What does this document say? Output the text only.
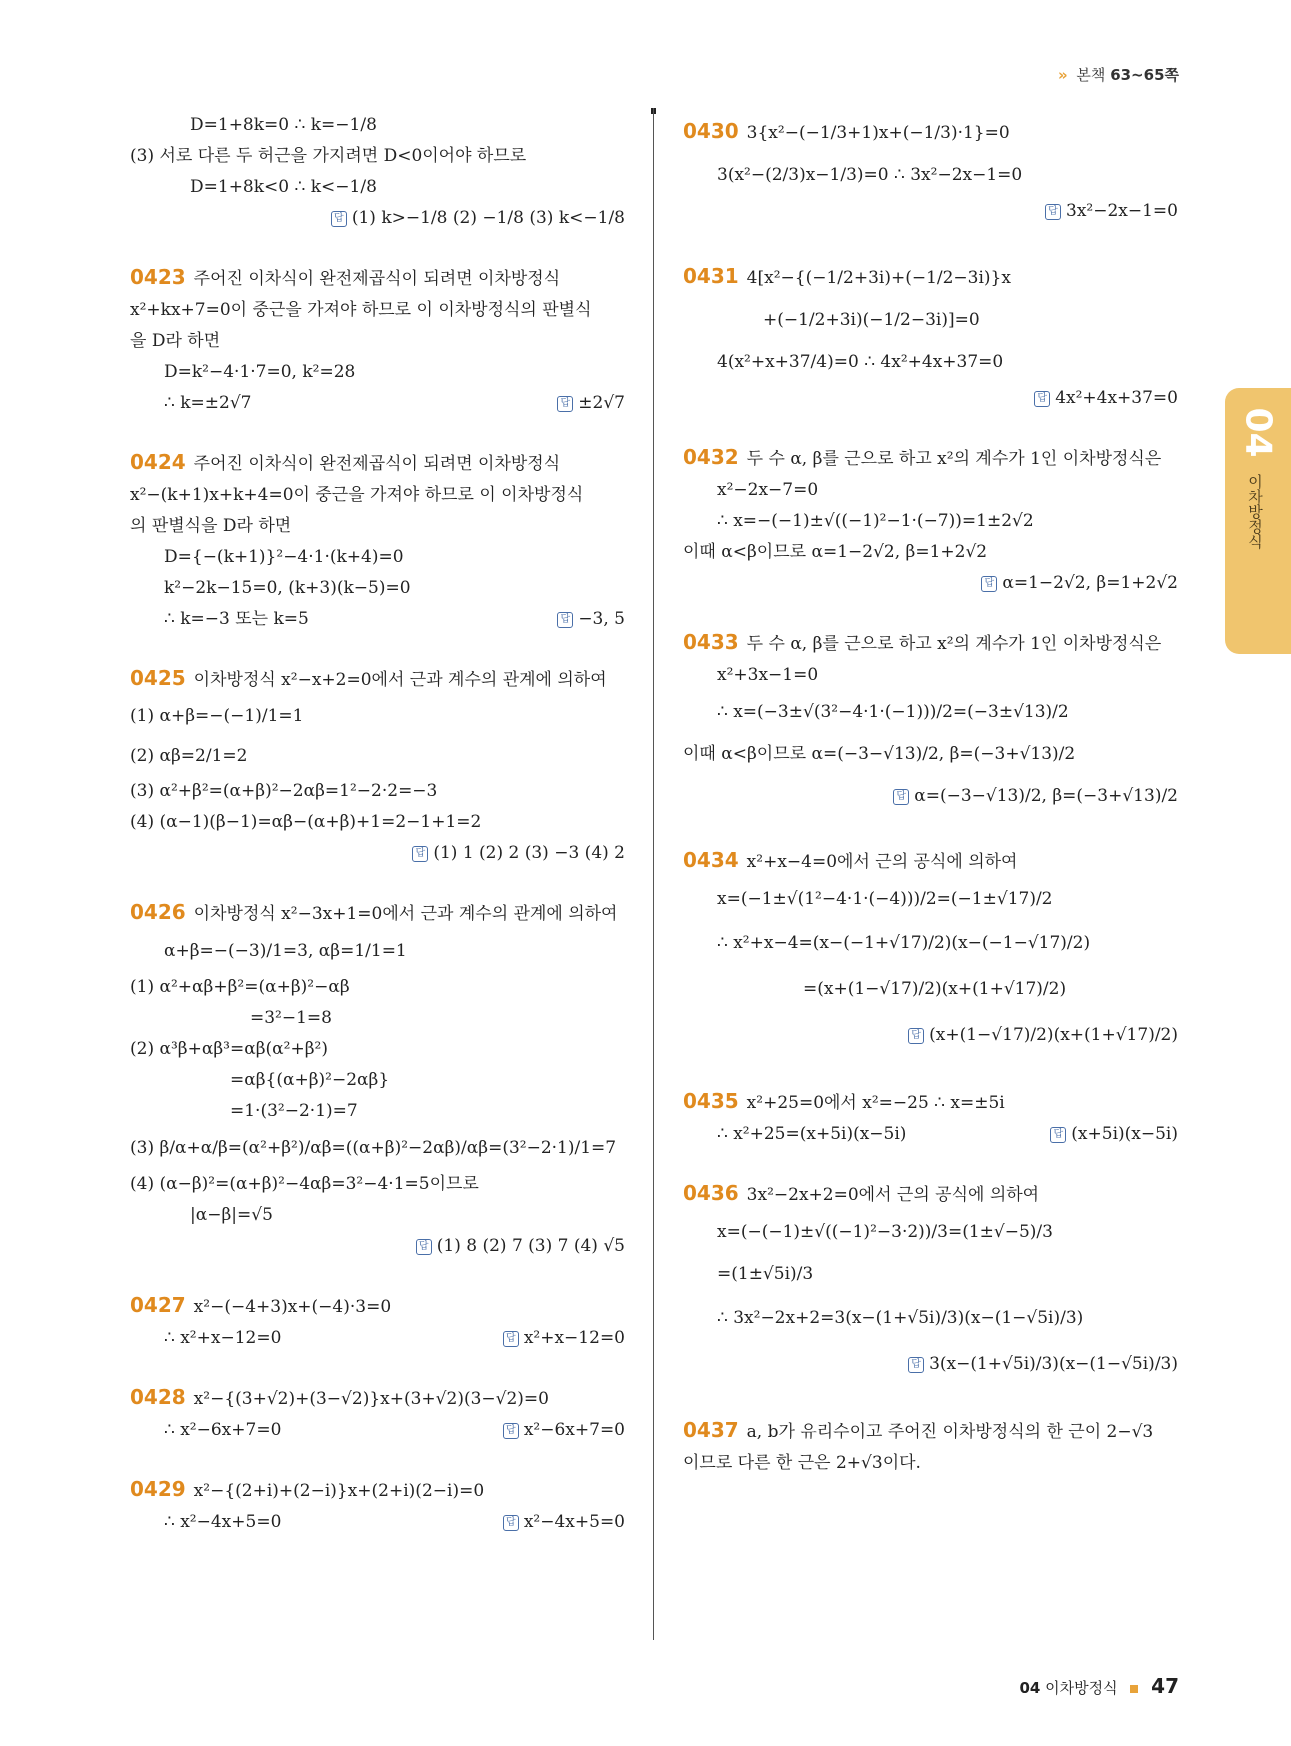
» 본책 63~65쪽
D=1+8k=0 ∴ k=−1/8
(3) 서로 다른 두 허근을 가지려면 D<0이어야 하므로
D=1+8k<0 ∴ k<−1/8
답 (1) k>−1/8 (2) −1/8 (3) k<−1/8
0423 주어진 이차식이 완전제곱식이 되려면 이차방정식
x²+kx+7=0이 중근을 가져야 하므로 이 이차방정식의 판별식
을 D라 하면
D=k²−4·1·7=0, k²=28
∴ k=±2√7	답 ±2√7
0424 주어진 이차식이 완전제곱식이 되려면 이차방정식
x²−(k+1)x+k+4=0이 중근을 가져야 하므로 이 이차방정식
의 판별식을 D라 하면
D={−(k+1)}²−4·1·(k+4)=0
k²−2k−15=0, (k+3)(k−5)=0
∴ k=−3 또는 k=5	답 −3, 5
0425 이차방정식 x²−x+2=0에서 근과 계수의 관계에 의하여
(1) α+β=−(−1)/1=1
(2) αβ=2/1=2
(3) α²+β²=(α+β)²−2αβ=1²−2·2=−3
(4) (α−1)(β−1)=αβ−(α+β)+1=2−1+1=2
답 (1) 1 (2) 2 (3) −3 (4) 2
0426 이차방정식 x²−3x+1=0에서 근과 계수의 관계에 의하여
α+β=−(−3)/1=3, αβ=1/1=1
(1) α²+αβ+β²=(α+β)²−αβ
=3²−1=8
(2) α³β+αβ³=αβ(α²+β²)
=αβ{(α+β)²−2αβ}
=1·(3²−2·1)=7
(3) β/α+α/β=(α²+β²)/αβ=((α+β)²−2αβ)/αβ=(3²−2·1)/1=7
(4) (α−β)²=(α+β)²−4αβ=3²−4·1=5이므로
|α−β|=√5
답 (1) 8 (2) 7 (3) 7 (4) √5
0427 x²−(−4+3)x+(−4)·3=0
∴ x²+x−12=0	답 x²+x−12=0
0428 x²−{(3+√2)+(3−√2)}x+(3+√2)(3−√2)=0
∴ x²−6x+7=0	답 x²−6x+7=0
0429 x²−{(2+i)+(2−i)}x+(2+i)(2−i)=0
∴ x²−4x+5=0	답 x²−4x+5=0
0430 3{x²−(−1/3+1)x+(−1/3)·1}=0
3(x²−(2/3)x−1/3)=0 ∴ 3x²−2x−1=0
답 3x²−2x−1=0
0431 4[x²−{(−1/2+3i)+(−1/2−3i)}x
+(−1/2+3i)(−1/2−3i)]=0
4(x²+x+37/4)=0 ∴ 4x²+4x+37=0
답 4x²+4x+37=0
0432 두 수 α, β를 근으로 하고 x²의 계수가 1인 이차방정식은
x²−2x−7=0
∴ x=−(−1)±√((−1)²−1·(−7))=1±2√2
이때 α<β이므로 α=1−2√2, β=1+2√2
답 α=1−2√2, β=1+2√2
0433 두 수 α, β를 근으로 하고 x²의 계수가 1인 이차방정식은
x²+3x−1=0
∴ x=(−3±√(3²−4·1·(−1)))/2=(−3±√13)/2
이때 α<β이므로 α=(−3−√13)/2, β=(−3+√13)/2
답 α=(−3−√13)/2, β=(−3+√13)/2
0434 x²+x−4=0에서 근의 공식에 의하여
x=(−1±√(1²−4·1·(−4)))/2=(−1±√17)/2
∴ x²+x−4=(x−(−1+√17)/2)(x−(−1−√17)/2)
=(x+(1−√17)/2)(x+(1+√17)/2)
답 (x+(1−√17)/2)(x+(1+√17)/2)
0435 x²+25=0에서 x²=−25 ∴ x=±5i
∴ x²+25=(x+5i)(x−5i)	답 (x+5i)(x−5i)
0436 3x²−2x+2=0에서 근의 공식에 의하여
x=(−(−1)±√((−1)²−3·2))/3=(1±√−5)/3
=(1±√5i)/3
∴ 3x²−2x+2=3(x−(1+√5i)/3)(x−(1−√5i)/3)
답 3(x−(1+√5i)/3)(x−(1−√5i)/3)
0437 a, b가 유리수이고 주어진 이차방정식의 한 근이 2−√3
이므로 다른 한 근은 2+√3이다.
04
이차방정식
04 이차방정식 47
